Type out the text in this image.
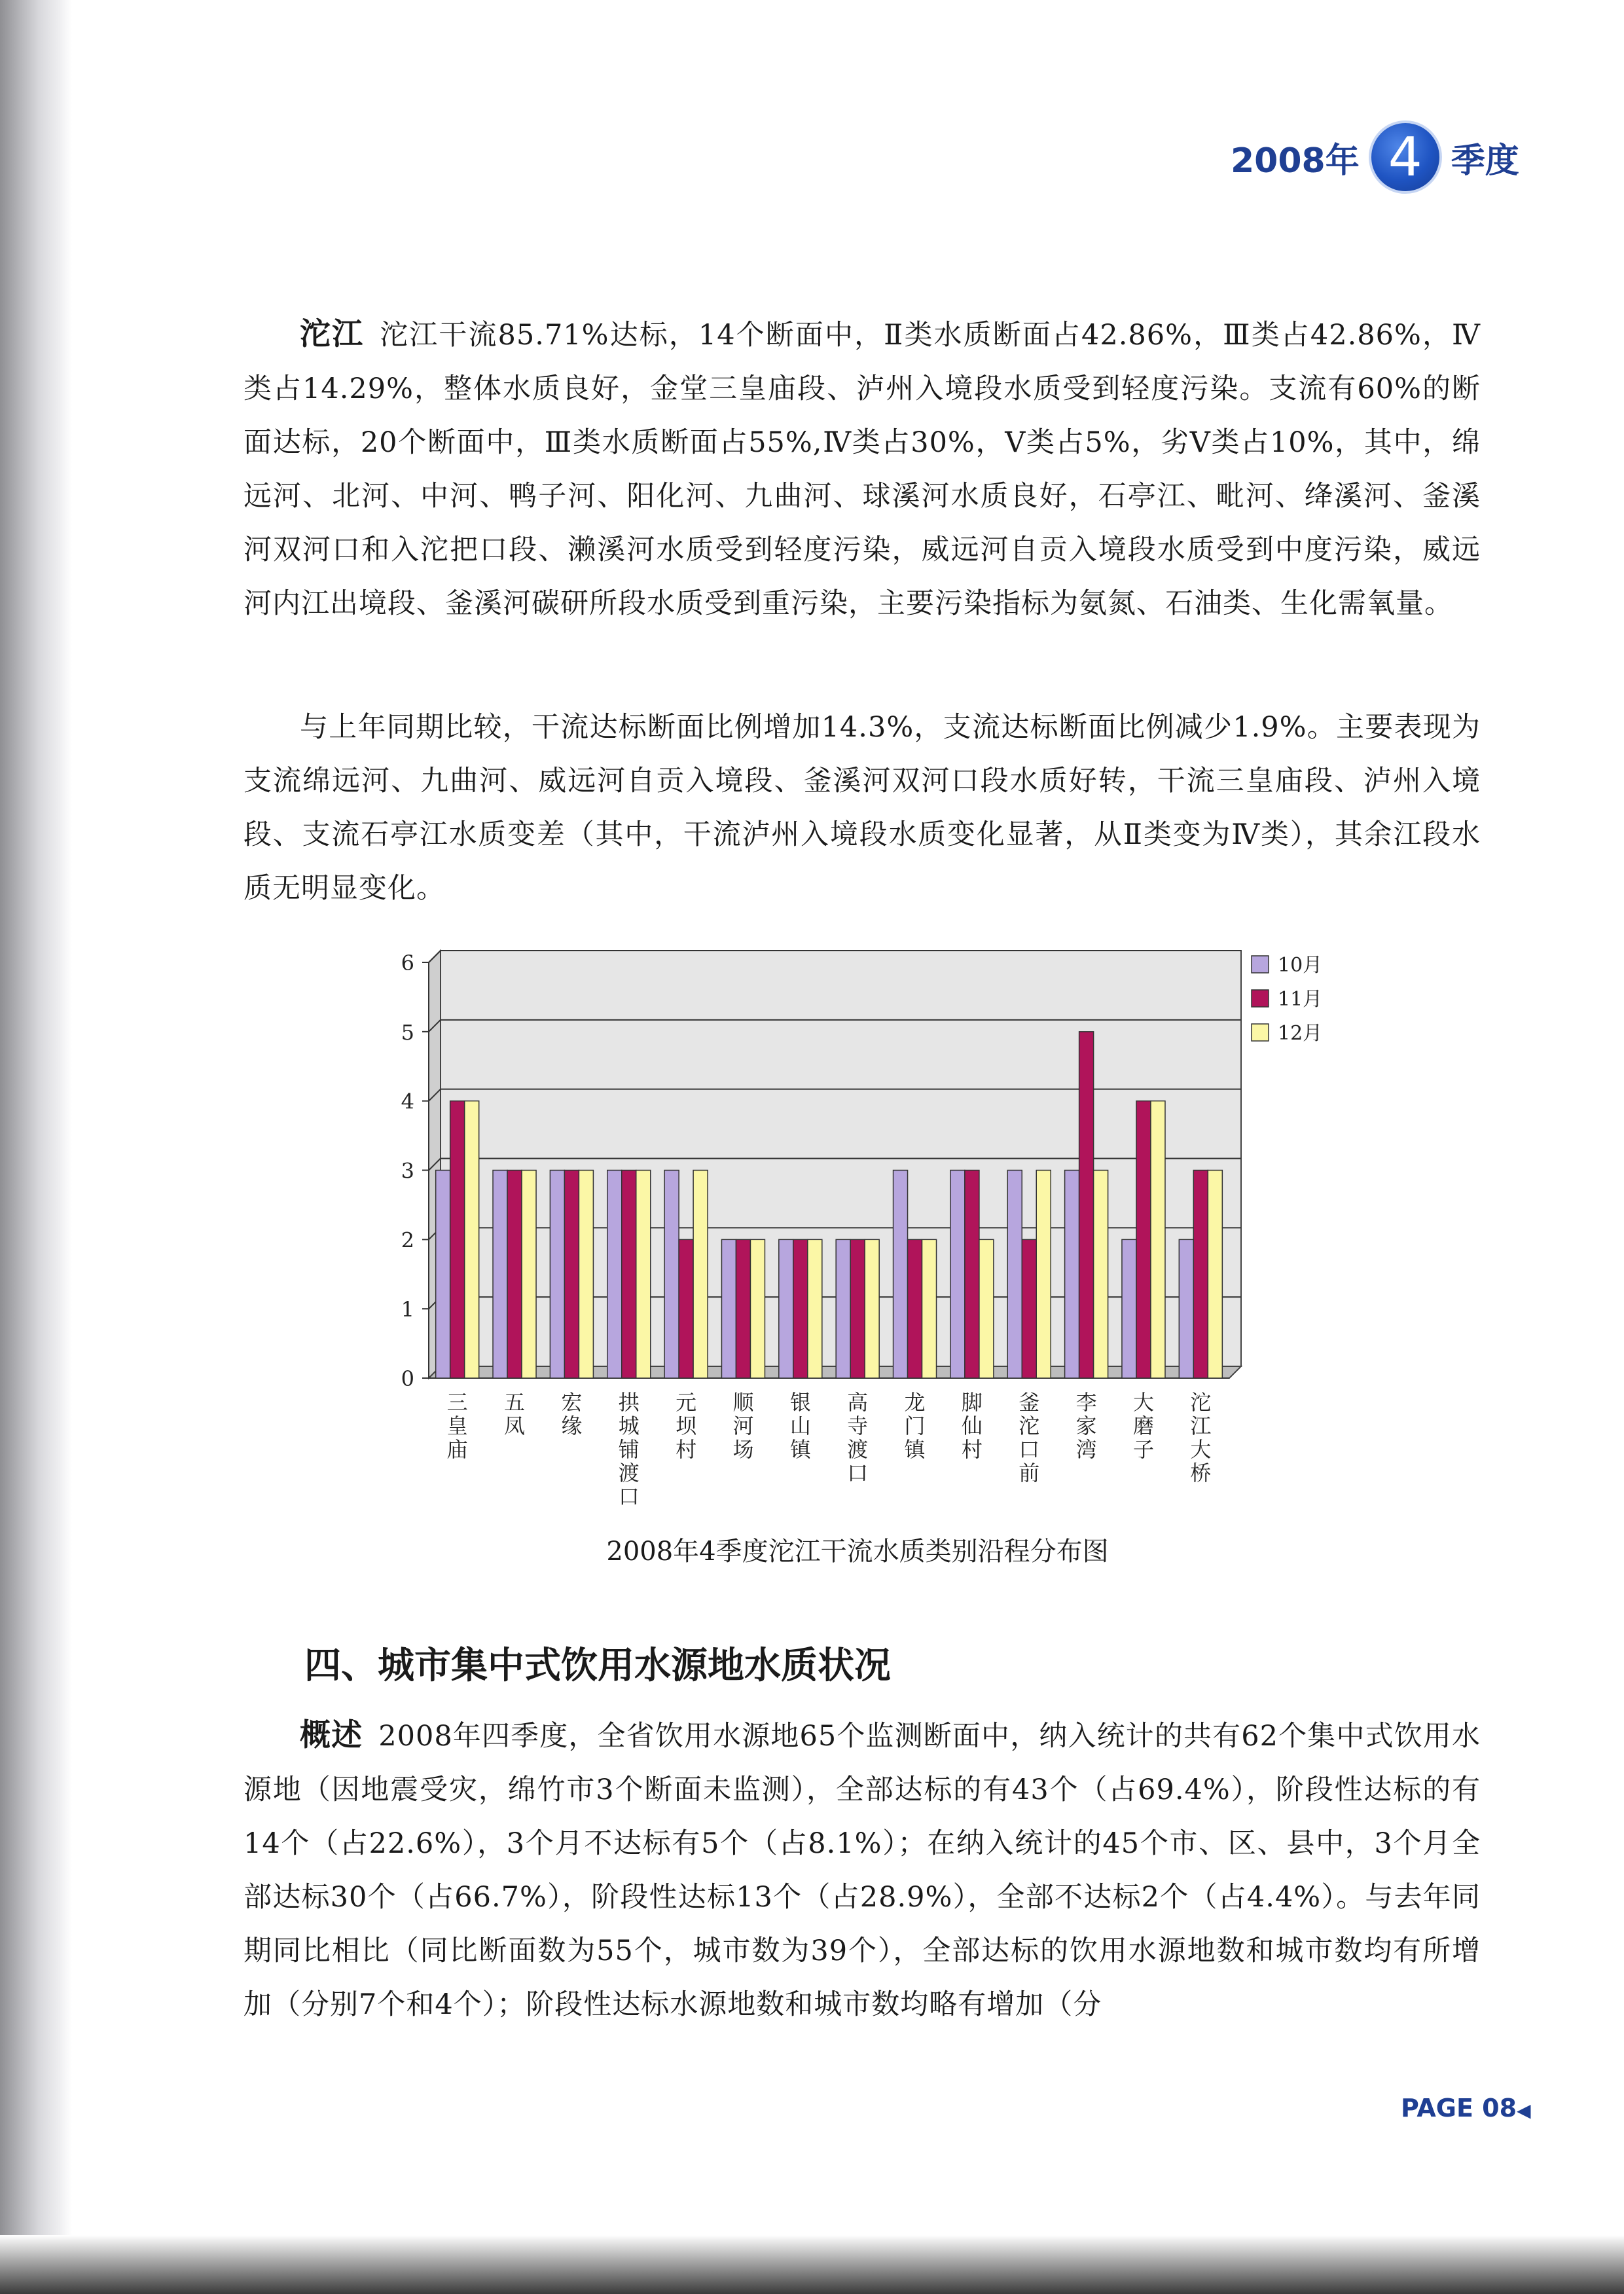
2008年 4 季度

沱江 沱江干流85.71%达标，14个断面中，Ⅱ类水质断面占42.86%，Ⅲ类占42.86%，Ⅳ类占14.29%，整体水质良好，金堂三皇庙段、泸州入境段水质受到轻度污染。支流有60%的断面达标，20个断面中，Ⅲ类水质断面占55%,Ⅳ类占30%，Ⅴ类占5%，劣Ⅴ类占10%，其中，绵远河、北河、中河、鸭子河、阳化河、九曲河、球溪河水质良好，石亭江、毗河、绛溪河、釜溪河双河口和入沱把口段、濑溪河水质受到轻度污染，威远河自贡入境段水质受到中度污染，威远河内江出境段、釜溪河碳研所段水质受到重污染，主要污染指标为氨氮、石油类、生化需氧量。

与上年同期比较，干流达标断面比例增加14.3%，支流达标断面比例减少1.9%。主要表现为支流绵远河、九曲河、威远河自贡入境段、釜溪河双河口段水质好转，干流三皇庙段、泸州入境段、支流石亭江水质变差（其中，干流泸州入境段水质变化显著，从Ⅱ类变为Ⅳ类），其余江段水质无明显变化。

0
1
2
3
4
5
6
三皇庙
五凤
宏缘
拱城铺渡口
元坝村
顺河场
银山镇
高寺渡口
龙门镇
脚仙村
釜沱口前
李家湾
大磨子
沱江大桥
10月
11月
12月

2008年4季度沱江干流水质类别沿程分布图

四、城市集中式饮用水源地水质状况

概述 2008年四季度，全省饮用水源地65个监测断面中，纳入统计的共有62个集中式饮用水源地（因地震受灾，绵竹市3个断面未监测），全部达标的有43个（占69.4%），阶段性达标的有14个（占22.6%），3个月不达标有5个（占8.1%）；在纳入统计的45个市、区、县中，3个月全部达标30个（占66.7%），阶段性达标13个（占28.9%），全部不达标2个（占4.4%）。与去年同期同比相比（同比断面数为55个，城市数为39个），全部达标的饮用水源地数和城市数均有所增加（分别7个和4个）；阶段性达标水源地数和城市数均略有增加（分

PAGE 08◀
